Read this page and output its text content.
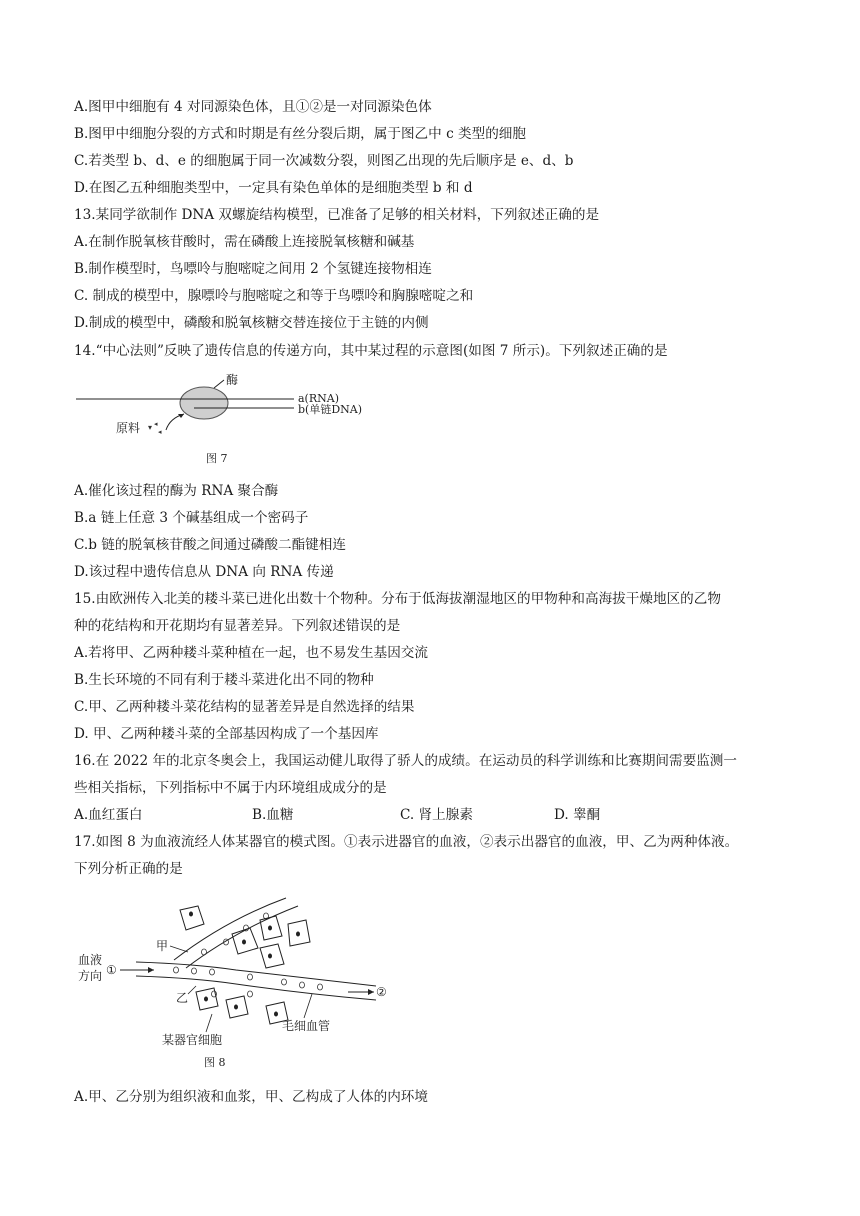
A.图甲中细胞有 4 对同源染色体，且①②是一对同源染色体
B.图甲中细胞分裂的方式和时期是有丝分裂后期，属于图乙中 c 类型的细胞
C.若类型 b、d、e 的细胞属于同一次减数分裂，则图乙出现的先后顺序是 e、d、b
D.在图乙五种细胞类型中，一定具有染色单体的是细胞类型 b 和 d
13.某同学欲制作 DNA 双螺旋结构模型，已准备了足够的相关材料，下列叙述正确的是
A.在制作脱氧核苷酸时，需在磷酸上连接脱氧核糖和碱基
B.制作模型时，鸟嘌呤与胞嘧啶之间用 2 个氢键连接物相连
C. 制成的模型中，腺嘌呤与胞嘧啶之和等于鸟嘌呤和胸腺嘧啶之和
D.制成的模型中，磷酸和脱氧核糖交替连接位于主链的内侧
14.“中心法则”反映了遗传信息的传递方向，其中某过程的示意图(如图 7 所示)。下列叙述正确的是
酶
a(RNA)
b(单链DNA)
原料 ▾ ◂
◂
图 7
A.催化该过程的酶为 RNA 聚合酶
B.a 链上任意 3 个碱基组成一个密码子
C.b 链的脱氧核苷酸之间通过磷酸二酯键相连
D.该过程中遗传信息从 DNA 向 RNA 传递
15.由欧洲传入北美的耧斗菜已进化出数十个物种。分布于低海拔潮湿地区的甲物种和高海拔干燥地区的乙物
种的花结构和开花期均有显著差异。下列叙述错误的是
A.若将甲、乙两种耧斗菜种植在一起，也不易发生基因交流
B.生长环境的不同有利于耧斗菜进化出不同的物种
C.甲、乙两种耧斗菜花结构的显著差异是自然选择的结果
D. 甲、乙两种耧斗菜的全部基因构成了一个基因库
16.在 2022 年的北京冬奥会上，我国运动健儿取得了骄人的成绩。在运动员的科学训练和比赛期间需要监测一
些相关指标，下列指标中不属于内环境组成成分的是
A.血红蛋白	B.血糖	C. 肾上腺素	D. 睾酮
17.如图 8 为血液流经人体某器官的模式图。①表示进器官的血液，②表示出器官的血液，甲、乙为两种体液。
下列分析正确的是
甲
血液
方向 ①
②
乙
毛细血管
某器官细胞
图 8
A.甲、乙分别为组织液和血浆，甲、乙构成了人体的内环境
